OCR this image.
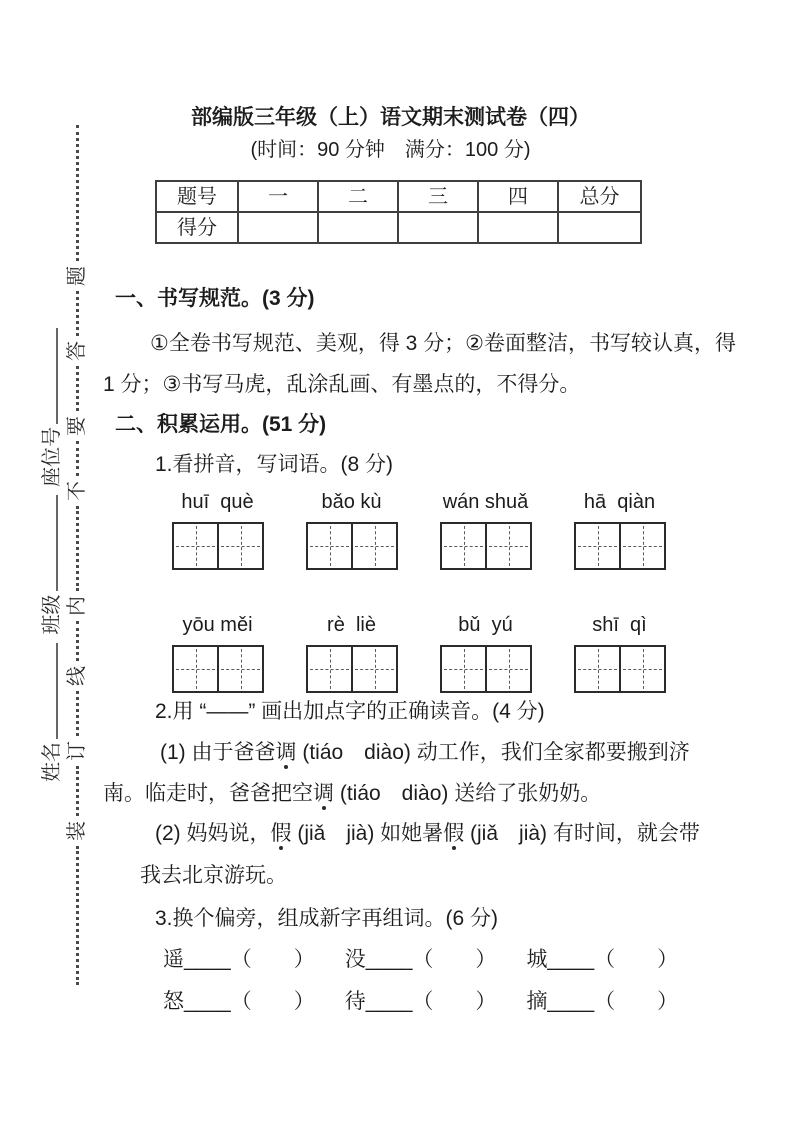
题
答
要
不
内
线
订
装
姓名 班级 座位号
部编版三年级（上）语文期末测试卷（四）
(时间：90 分钟　满分：100 分)
题号	一	二	三	四	总分
得分					
一、书写规范。(3 分)
①全卷书写规范、美观，得 3 分；②卷面整洁，书写较认真，得
1 分；③书写马虎，乱涂乱画、有墨点的，不得分。
二、积累运用。(51 分)
1.看拼音，写词语。(8 分)
huī  què	bǎo kù	wán shuǎ	hā  qiàn
yōu měi	rè  liè	bǔ  yú	shī  qì
2.用 “——” 画出加点字的正确读音。(4 分)
(1) 由于爸爸调 (tiáo　diào) 动工作，我们全家都要搬到济
南。临走时，爸爸把空调 (tiáo　diào) 送给了张奶奶。
(2) 妈妈说，假 (jiǎ　jià) 如她暑假 (jiǎ　jià) 有时间，就会带
我去北京游玩。
3.换个偏旁，组成新字再组词。(6 分)
遥____（　　） 没____（　　） 城____（　　）
怒____（　　） 待____（　　） 摘____（　　）
